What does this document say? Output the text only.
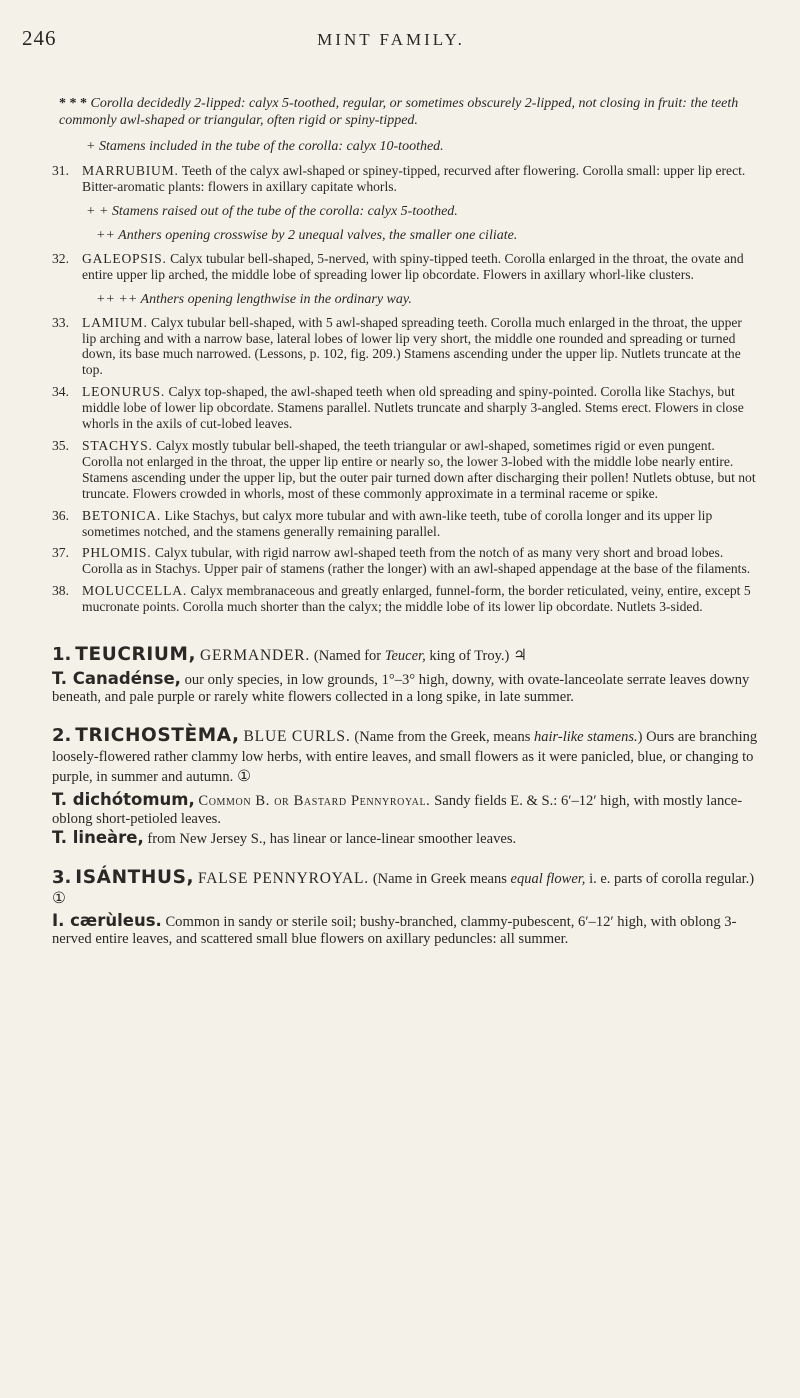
246	MINT FAMILY.

* * * Corolla decidedly 2-lipped: calyx 5-toothed, regular, or sometimes obscurely 2-lipped, not closing in fruit: the teeth commonly awl-shaped or triangular, often rigid or spiny-tipped.

+ Stamens included in the tube of the corolla: calyx 10-toothed.

31. MARRUBIUM. Teeth of the calyx awl-shaped or spiney-tipped, recurved after flowering. Corolla small: upper lip erect. Bitter-aromatic plants: flowers in axillary capitate whorls.

+ + Stamens raised out of the tube of the corolla: calyx 5-toothed.

++ Anthers opening crosswise by 2 unequal valves, the smaller one ciliate.

32. GALEOPSIS. Calyx tubular bell-shaped, 5-nerved, with spiny-tipped teeth. Corolla enlarged in the throat, the ovate and entire upper lip arched, the middle lobe of spreading lower lip obcordate. Flowers in axillary whorl-like clusters.

++ ++ Anthers opening lengthwise in the ordinary way.

33. LAMIUM. Calyx tubular bell-shaped, with 5 awl-shaped spreading teeth. Corolla much enlarged in the throat, the upper lip arching and with a narrow base, lateral lobes of lower lip very short, the middle one rounded and spreading or turned down, its base much narrowed. (Lessons, p. 102, fig. 209.) Stamens ascending under the upper lip. Nutlets truncate at the top.

34. LEONURUS. Calyx top-shaped, the awl-shaped teeth when old spreading and spiny-pointed. Corolla like Stachys, but middle lobe of lower lip obcordate. Stamens parallel. Nutlets truncate and sharply 3-angled. Stems erect. Flowers in close whorls in the axils of cut-lobed leaves.

35. STACHYS. Calyx mostly tubular bell-shaped, the teeth triangular or awl-shaped, sometimes rigid or even pungent. Corolla not enlarged in the throat, the upper lip entire or nearly so, the lower 3-lobed with the middle lobe nearly entire. Stamens ascending under the upper lip, but the outer pair turned down after discharging their pollen! Nutlets obtuse, but not truncate. Flowers crowded in whorls, most of these commonly approximate in a terminal raceme or spike.

36. BETONICA. Like Stachys, but calyx more tubular and with awn-like teeth, tube of corolla longer and its upper lip sometimes notched, and the stamens generally remaining parallel.

37. PHLOMIS. Calyx tubular, with rigid narrow awl-shaped teeth from the notch of as many very short and broad lobes. Corolla as in Stachys. Upper pair of stamens (rather the longer) with an awl-shaped appendage at the base of the filaments.

38. MOLUCCELLA. Calyx membranaceous and greatly enlarged, funnel-form, the border reticulated, veiny, entire, except 5 mucronate points. Corolla much shorter than the calyx; the middle lobe of its lower lip obcordate. Nutlets 3-sided.

1. TEUCRIUM, GERMANDER. (Named for Teucer, king of Troy.) ♃

T. Canadénse, our only species, in low grounds, 1°–3° high, downy, with ovate-lanceolate serrate leaves downy beneath, and pale purple or rarely white flowers collected in a long spike, in late summer.

2. TRICHOSTÈMA, BLUE CURLS. (Name from the Greek, means hair-like stamens.) Ours are branching loosely-flowered rather clammy low herbs, with entire leaves, and small flowers as it were panicled, blue, or changing to purple, in summer and autumn. ①

T. dichótomum, Common B. or Bastard Pennyroyal. Sandy fields E. & S.: 6′–12′ high, with mostly lance-oblong short-petioled leaves.

T. lineàre, from New Jersey S., has linear or lance-linear smoother leaves.

3. ISÁNTHUS, FALSE PENNYROYAL. (Name in Greek means equal flower, i. e. parts of corolla regular.) ①

I. cærùleus. Common in sandy or sterile soil; bushy-branched, clammy-pubescent, 6′–12′ high, with oblong 3-nerved entire leaves, and scattered small blue flowers on axillary peduncles: all summer.
